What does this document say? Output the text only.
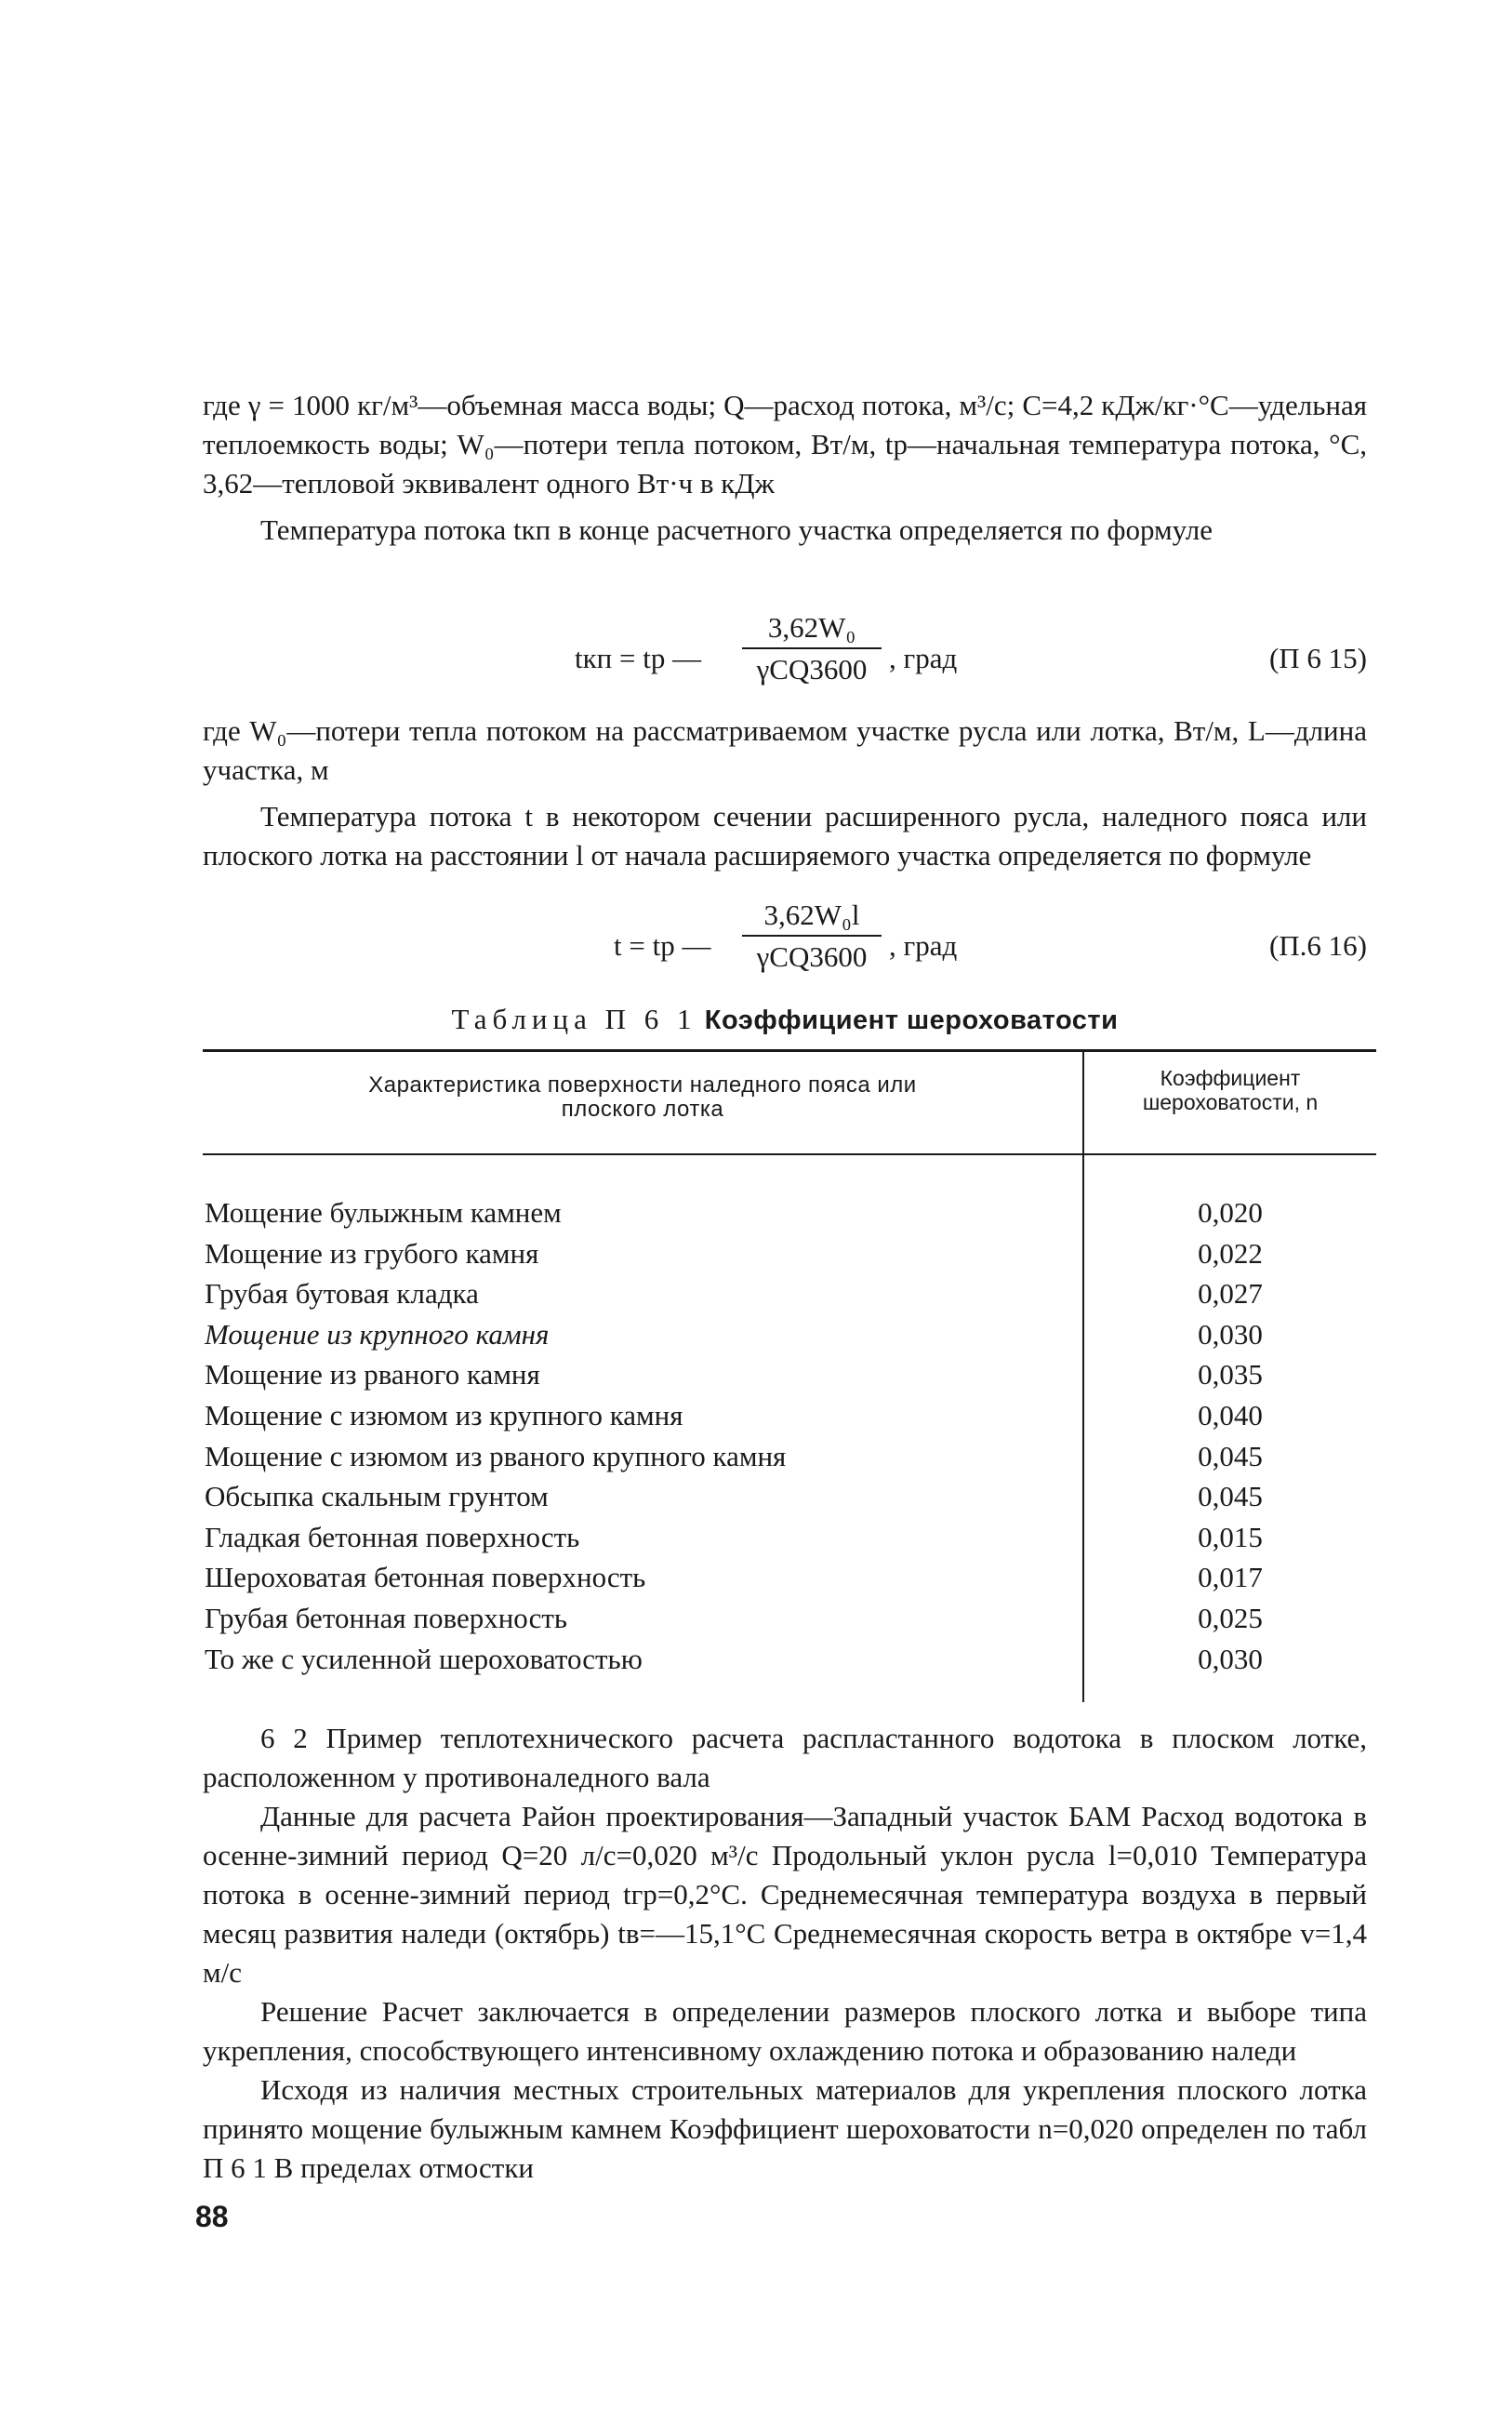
где γ = 1000 кг/м³—объемная масса воды; Q—расход потока, м³/с; C=4,2 кДж/кг·°С—удельная теплоемкость воды; W₀—потери тепла потоком, Вт/м, tр—начальная температура потока, °С, 3,62—тепловой эквивалент одного Вт·ч в кДж

Температура потока tкп в конце расчетного участка определяется по формуле

tкп = tр —
3,62W₀
γCQ3600 , град	(П 6 15)

где W₀—потери тепла потоком на рассматриваемом участке русла или лотка, Вт/м, L—длина участка, м

Температура потока t в некотором сечении расширенного русла, наледного пояса или плоского лотка на расстоянии l от начала расширяемого участка определяется по формуле

t = tр —
3,62W₀l
γCQ3600 , град	(П.6 16)
Таблица П 6 1 Коэффициент шероховатости
Характеристика поверхности наледного пояса или плоского лотка
Коэффициент шероховатости, n
Мощение булыжным камнем	0,020
Мощение из грубого камня	0,022
Грубая бутовая кладка	0,027
Мощение из крупного камня	0,030
Мощение из рваного камня	0,035
Мощение с изюмом из крупного камня	0,040
Мощение с изюмом из рваного крупного камня	0,045
Обсыпка скальным грунтом	0,045
Гладкая бетонная поверхность	0,015
Шероховатая бетонная поверхность	0,017
Грубая бетонная поверхность	0,025
То же с усиленной шероховатостью	0,030

6 2 Пример теплотехнического расчета распластанного водотока в плоском лотке, расположенном у противоналедного вала

Данные для расчета Район проектирования—Западный участок БАМ Расход водотока в осенне-зимний период Q=20 л/с=0,020 м³/с Продольный уклон русла l=0,010 Температура потока в осенне-зимний период tгр=0,2°С. Среднемесячная температура воздуха в первый месяц развития наледи (октябрь) tв=—15,1°С Среднемесячная скорость ветра в октябре v=1,4 м/с

Решение Расчет заключается в определении размеров плоского лотка и выборе типа укрепления, способствующего интенсивному охлаждению потока и образованию наледи

Исходя из наличия местных строительных материалов для укрепления плоского лотка принято мощение булыжным камнем Коэффициент шероховатости n=0,020 определен по табл П 6 1 В пределах отмостки

88
